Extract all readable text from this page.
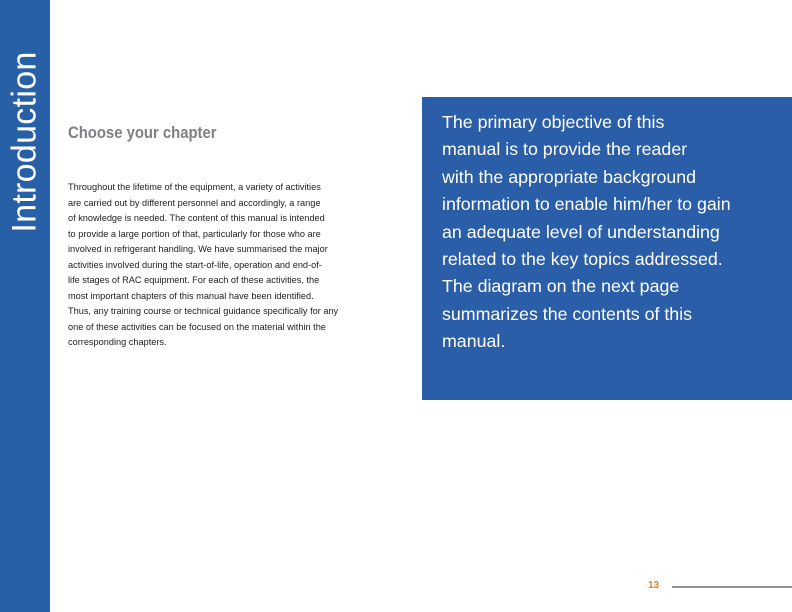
Introduction Choose your chapter
Throughout the lifetime of the equipment, a variety of activities
are carried out by different personnel and accordingly, a range
of knowledge is needed. The content of this manual is intended
to provide a large portion of that, particularly for those who are
involved in refrigerant handling. We have summarised the major
activities involved during the start-of-life, operation and end-of-
life stages of RAC equipment. For each of these activities, the
most important chapters of this manual have been identified.
Thus, any training course or technical guidance specifically for any
one of these activities can be focused on the material within the
corresponding chapters.
The primary objective of this
manual is to provide the reader
with the appropriate background
information to enable him/her to gain
an adequate level of understanding
related to the key topics addressed.
The diagram on the next page
summarizes the contents of this
manual.
13
